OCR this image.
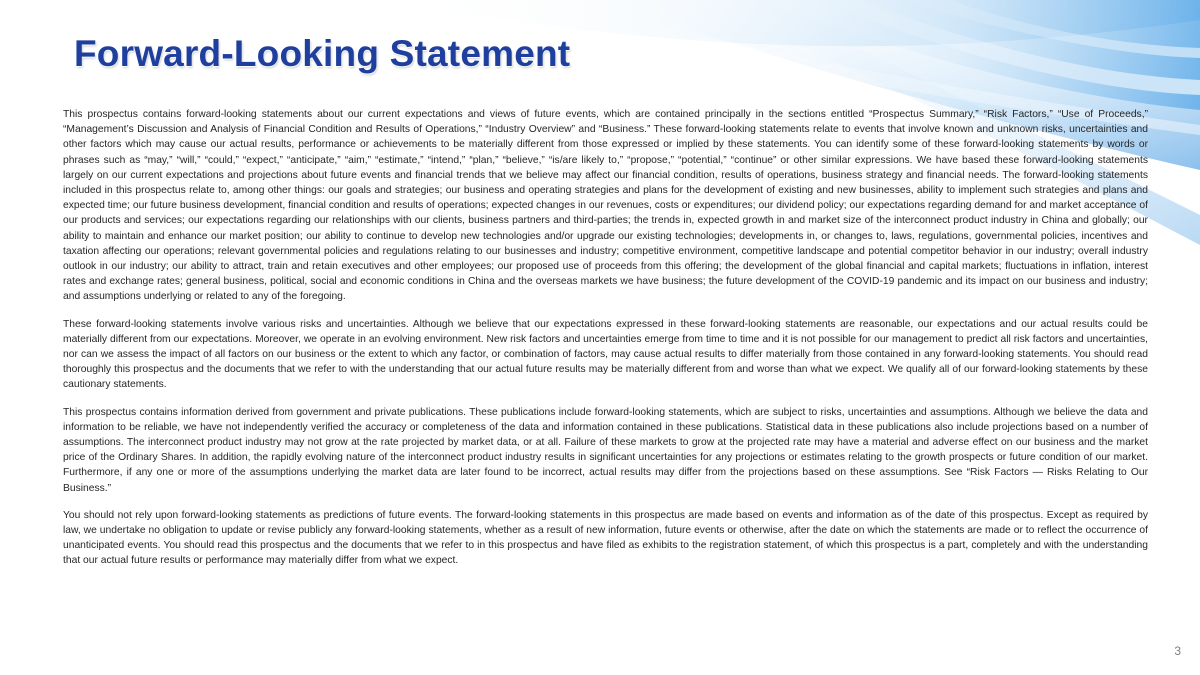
Forward-Looking Statement

This prospectus contains forward-looking statements about our current expectations and views of future events, which are contained principally in the sections entitled “Prospectus Summary,” “Risk Factors,” “Use of Proceeds,” “Management’s Discussion and Analysis of Financial Condition and Results of Operations,” “Industry Overview” and “Business.” These forward-looking statements relate to events that involve known and unknown risks, uncertainties and other factors which may cause our actual results, performance or achievements to be materially different from those expressed or implied by these statements. You can identify some of these forward-looking statements by words or phrases such as “may,” “will,” “could,” “expect,” “anticipate,” “aim,” “estimate,” “intend,” “plan,” “believe,” “is/are likely to,” “propose,” “potential,” “continue” or other similar expressions. We have based these forward-looking statements largely on our current expectations and projections about future events and financial trends that we believe may affect our financial condition, results of operations, business strategy and financial needs. The forward-looking statements included in this prospectus relate to, among other things: our goals and strategies; our business and operating strategies and plans for the development of existing and new businesses, ability to implement such strategies and plans and expected time; our future business development, financial condition and results of operations; expected changes in our revenues, costs or expenditures; our dividend policy; our expectations regarding demand for and market acceptance of our products and services; our expectations regarding our relationships with our clients, business partners and third-parties; the trends in, expected growth in and market size of the interconnect product industry in China and globally; our ability to maintain and enhance our market position; our ability to continue to develop new technologies and/or upgrade our existing technologies; developments in, or changes to, laws, regulations, governmental policies, incentives and taxation affecting our operations; relevant governmental policies and regulations relating to our businesses and industry; competitive environment, competitive landscape and potential competitor behavior in our industry; overall industry outlook in our industry; our ability to attract, train and retain executives and other employees; our proposed use of proceeds from this offering; the development of the global financial and capital markets; fluctuations in inflation, interest rates and exchange rates; general business, political, social and economic conditions in China and the overseas markets we have business; the future development of the COVID-19 pandemic and its impact on our business and industry; and assumptions underlying or related to any of the foregoing.

These forward-looking statements involve various risks and uncertainties. Although we believe that our expectations expressed in these forward-looking statements are reasonable, our expectations and our actual results could be materially different from our expectations. Moreover, we operate in an evolving environment. New risk factors and uncertainties emerge from time to time and it is not possible for our management to predict all risk factors and uncertainties, nor can we assess the impact of all factors on our business or the extent to which any factor, or combination of factors, may cause actual results to differ materially from those contained in any forward-looking statements. You should read thoroughly this prospectus and the documents that we refer to with the understanding that our actual future results may be materially different from and worse than what we expect. We qualify all of our forward-looking statements by these cautionary statements.

This prospectus contains information derived from government and private publications. These publications include forward-looking statements, which are subject to risks, uncertainties and assumptions. Although we believe the data and information to be reliable, we have not independently verified the accuracy or completeness of the data and information contained in these publications. Statistical data in these publications also include projections based on a number of assumptions. The interconnect product industry may not grow at the rate projected by market data, or at all. Failure of these markets to grow at the projected rate may have a material and adverse effect on our business and the market price of the Ordinary Shares. In addition, the rapidly evolving nature of the interconnect product industry results in significant uncertainties for any projections or estimates relating to the growth prospects or future condition of our market. Furthermore, if any one or more of the assumptions underlying the market data are later found to be incorrect, actual results may differ from the projections based on these assumptions. See “Risk Factors — Risks Relating to Our Business.”

You should not rely upon forward-looking statements as predictions of future events. The forward-looking statements in this prospectus are made based on events and information as of the date of this prospectus. Except as required by law, we undertake no obligation to update or revise publicly any forward-looking statements, whether as a result of new information, future events or otherwise, after the date on which the statements are made or to reflect the occurrence of unanticipated events. You should read this prospectus and the documents that we refer to in this prospectus and have filed as exhibits to the registration statement, of which this prospectus is a part, completely and with the understanding that our actual future results or performance may materially differ from what we expect.

3
